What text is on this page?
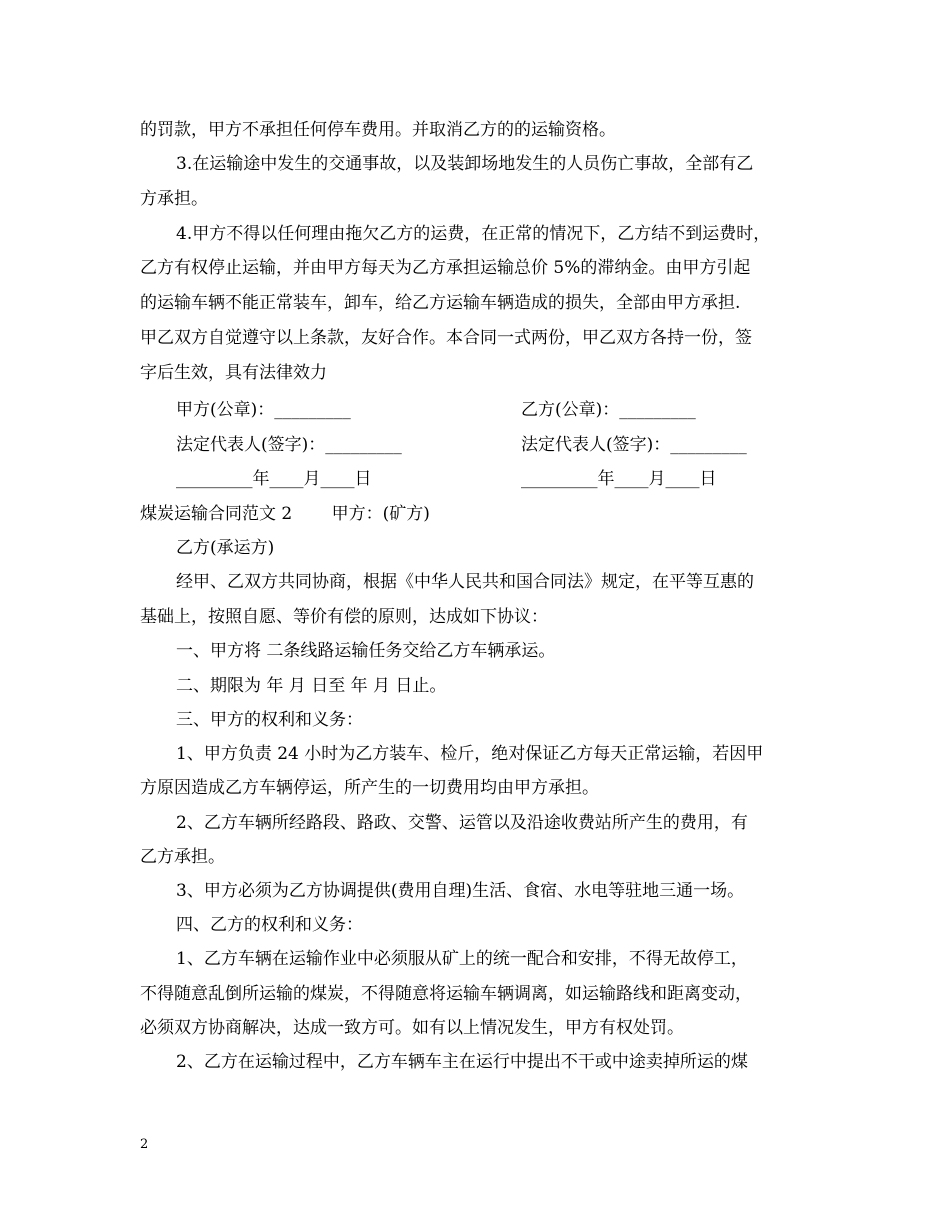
的罚款，甲方不承担任何停车费用。并取消乙方的的运输资格。
3.在运输途中发生的交通事故，以及装卸场地发生的人员伤亡事故，全部有乙
方承担。
4.甲方不得以任何理由拖欠乙方的运费，在正常的情况下，乙方结不到运费时，
乙方有权停止运输，并由甲方每天为乙方承担运输总价 5%的滞纳金。由甲方引起
的运输车辆不能正常装车，卸车，给乙方运输车辆造成的损失，全部由甲方承担.
甲乙双方自觉遵守以上条款，友好合作。本合同一式两份，甲乙双方各持一份，签
字后生效，具有法律效力
甲方(公章)：_________	乙方(公章)：_________
法定代表人(签字)：_________	法定代表人(签字)：_________
_________年____月____日	_________年____月____日
煤炭运输合同范文 2　　 甲方：(矿方)
乙方(承运方)
经甲、乙双方共同协商，根据《中华人民共和国合同法》规定，在平等互惠的
基础上，按照自愿、等价有偿的原则，达成如下协议：
一、甲方将 二条线路运输任务交给乙方车辆承运。
二、期限为 年 月 日至 年 月 日止。
三、甲方的权利和义务：
1、甲方负责 24 小时为乙方装车、检斤，绝对保证乙方每天正常运输，若因甲
方原因造成乙方车辆停运，所产生的一切费用均由甲方承担。
2、乙方车辆所经路段、路政、交警、运管以及沿途收费站所产生的费用，有
乙方承担。
3、甲方必须为乙方协调提供(费用自理)生活、食宿、水电等驻地三通一场。
四、乙方的权利和义务：
1、乙方车辆在运输作业中必须服从矿上的统一配合和安排，不得无故停工，
不得随意乱倒所运输的煤炭，不得随意将运输车辆调离，如运输路线和距离变动，
必须双方协商解决，达成一致方可。如有以上情况发生，甲方有权处罚。
2、乙方在运输过程中，乙方车辆车主在运行中提出不干或中途卖掉所运的煤
2
